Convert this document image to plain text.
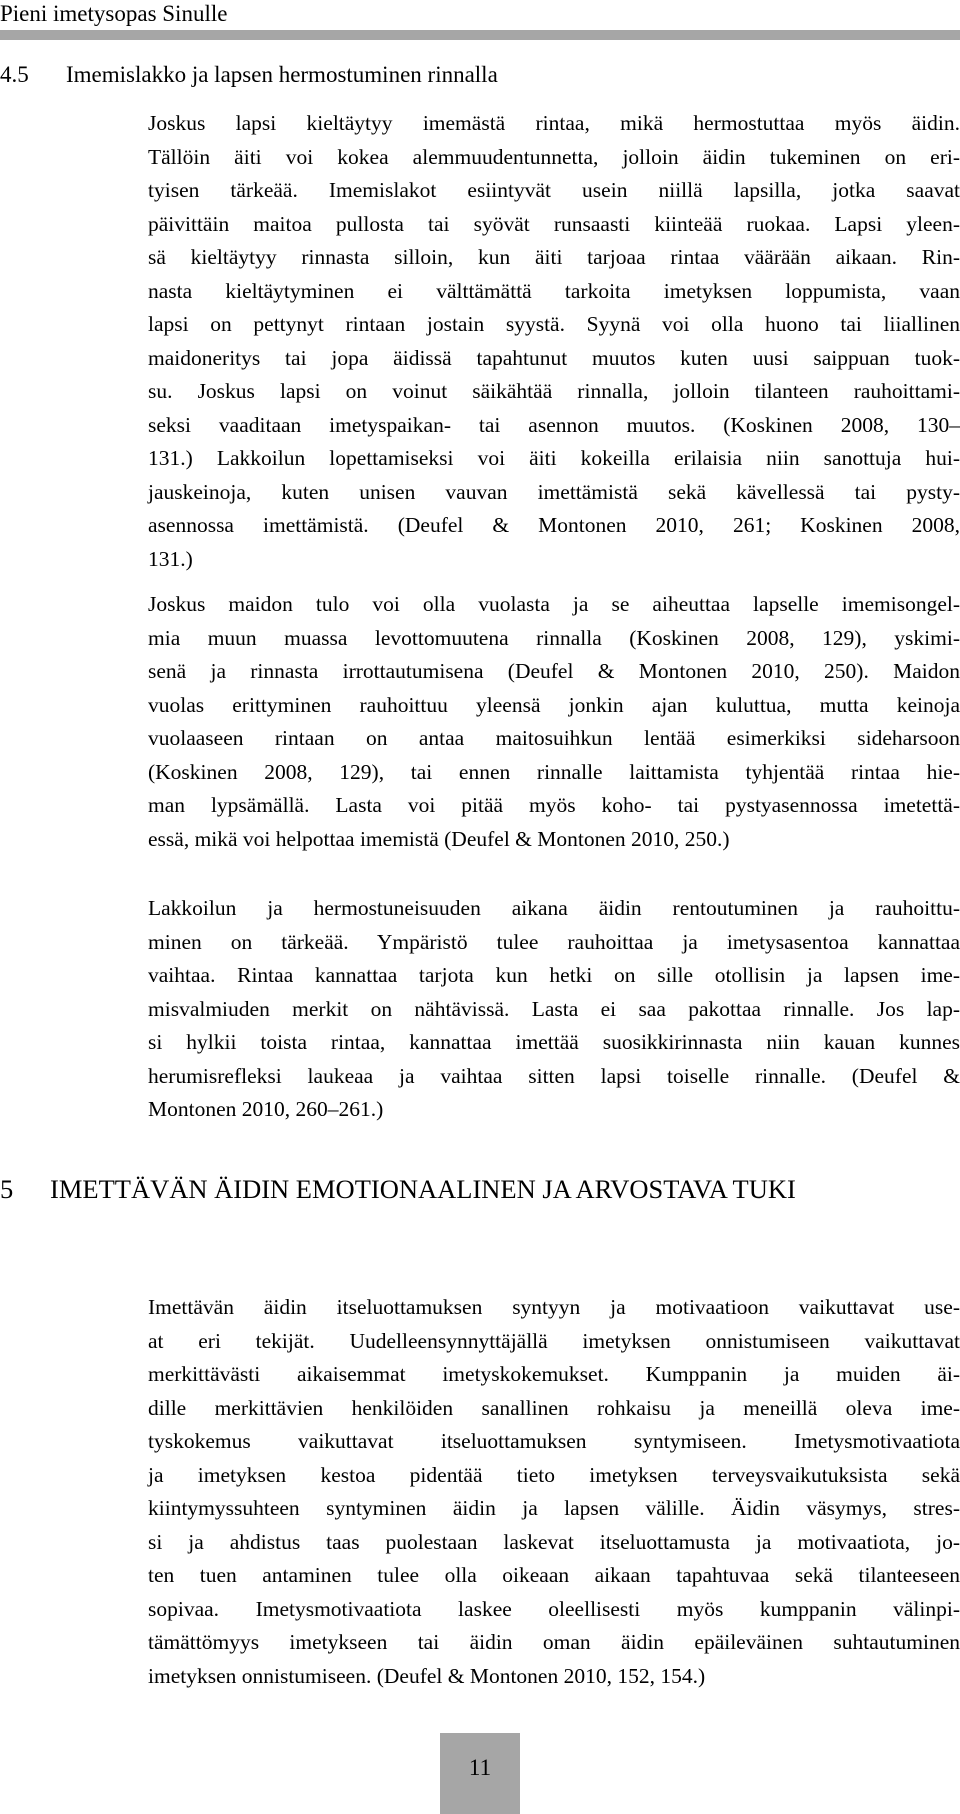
Pieni imetysopas Sinulle
4.5 Imemislakko ja lapsen hermostuminen rinnalla
Joskus lapsi kieltäytyy imemästä rintaa, mikä hermostuttaa myös äidin.
Tällöin äiti voi kokea alemmuudentunnetta, jolloin äidin tukeminen on eri-
tyisen tärkeää. Imemislakot esiintyvät usein niillä lapsilla, jotka saavat
päivittäin maitoa pullosta tai syövät runsaasti kiinteää ruokaa. Lapsi yleen-
sä kieltäytyy rinnasta silloin, kun äiti tarjoaa rintaa väärään aikaan. Rin-
nasta kieltäytyminen ei välttämättä tarkoita imetyksen loppumista, vaan
lapsi on pettynyt rintaan jostain syystä. Syynä voi olla huono tai liiallinen
maidoneritys tai jopa äidissä tapahtunut muutos kuten uusi saippuan tuok-
su. Joskus lapsi on voinut säikähtää rinnalla, jolloin tilanteen rauhoittami-
seksi vaaditaan imetyspaikan- tai asennon muutos. (Koskinen 2008, 130–
131.) Lakkoilun lopettamiseksi voi äiti kokeilla erilaisia niin sanottuja hui-
jauskeinoja, kuten unisen vauvan imettämistä sekä kävellessä tai pysty-
asennossa imettämistä. (Deufel & Montonen 2010, 261; Koskinen 2008,
131.)
Joskus maidon tulo voi olla vuolasta ja se aiheuttaa lapselle imemisongel-
mia muun muassa levottomuutena rinnalla (Koskinen 2008, 129), yskimi-
senä ja rinnasta irrottautumisena (Deufel & Montonen 2010, 250). Maidon
vuolas erittyminen rauhoittuu yleensä jonkin ajan kuluttua, mutta keinoja
vuolaaseen rintaan on antaa maitosuihkun lentää esimerkiksi sideharsoon
(Koskinen 2008, 129), tai ennen rinnalle laittamista tyhjentää rintaa hie-
man lypsämällä. Lasta voi pitää myös koho- tai pystyasennossa imetettä-
essä, mikä voi helpottaa imemistä (Deufel & Montonen 2010, 250.)
Lakkoilun ja hermostuneisuuden aikana äidin rentoutuminen ja rauhoittu-
minen on tärkeää. Ympäristö tulee rauhoittaa ja imetysasentoa kannattaa
vaihtaa. Rintaa kannattaa tarjota kun hetki on sille otollisin ja lapsen ime-
misvalmiuden merkit on nähtävissä. Lasta ei saa pakottaa rinnalle. Jos lap-
si hylkii toista rintaa, kannattaa imettää suosikkirinnasta niin kauan kunnes
herumisrefleksi laukeaa ja vaihtaa sitten lapsi toiselle rinnalle. (Deufel &
Montonen 2010, 260–261.)
5 IMETTÄVÄN ÄIDIN EMOTIONAALINEN JA ARVOSTAVA TUKI
Imettävän äidin itseluottamuksen syntyyn ja motivaatioon vaikuttavat use-
at eri tekijät. Uudelleensynnyttäjällä imetyksen onnistumiseen vaikuttavat
merkittävästi aikaisemmat imetyskokemukset. Kumppanin ja muiden äi-
dille merkittävien henkilöiden sanallinen rohkaisu ja meneillä oleva ime-
tyskokemus vaikuttavat itseluottamuksen syntymiseen. Imetysmotivaatiota
ja imetyksen kestoa pidentää tieto imetyksen terveysvaikutuksista sekä
kiintymyssuhteen syntyminen äidin ja lapsen välille. Äidin väsymys, stres-
si ja ahdistus taas puolestaan laskevat itseluottamusta ja motivaatiota, jo-
ten tuen antaminen tulee olla oikeaan aikaan tapahtuvaa sekä tilanteeseen
sopivaa. Imetysmotivaatiota laskee oleellisesti myös kumppanin välinpi-
tämättömyys imetykseen tai äidin oman äidin epäileväinen suhtautuminen
imetyksen onnistumiseen. (Deufel & Montonen 2010, 152, 154.)
11
